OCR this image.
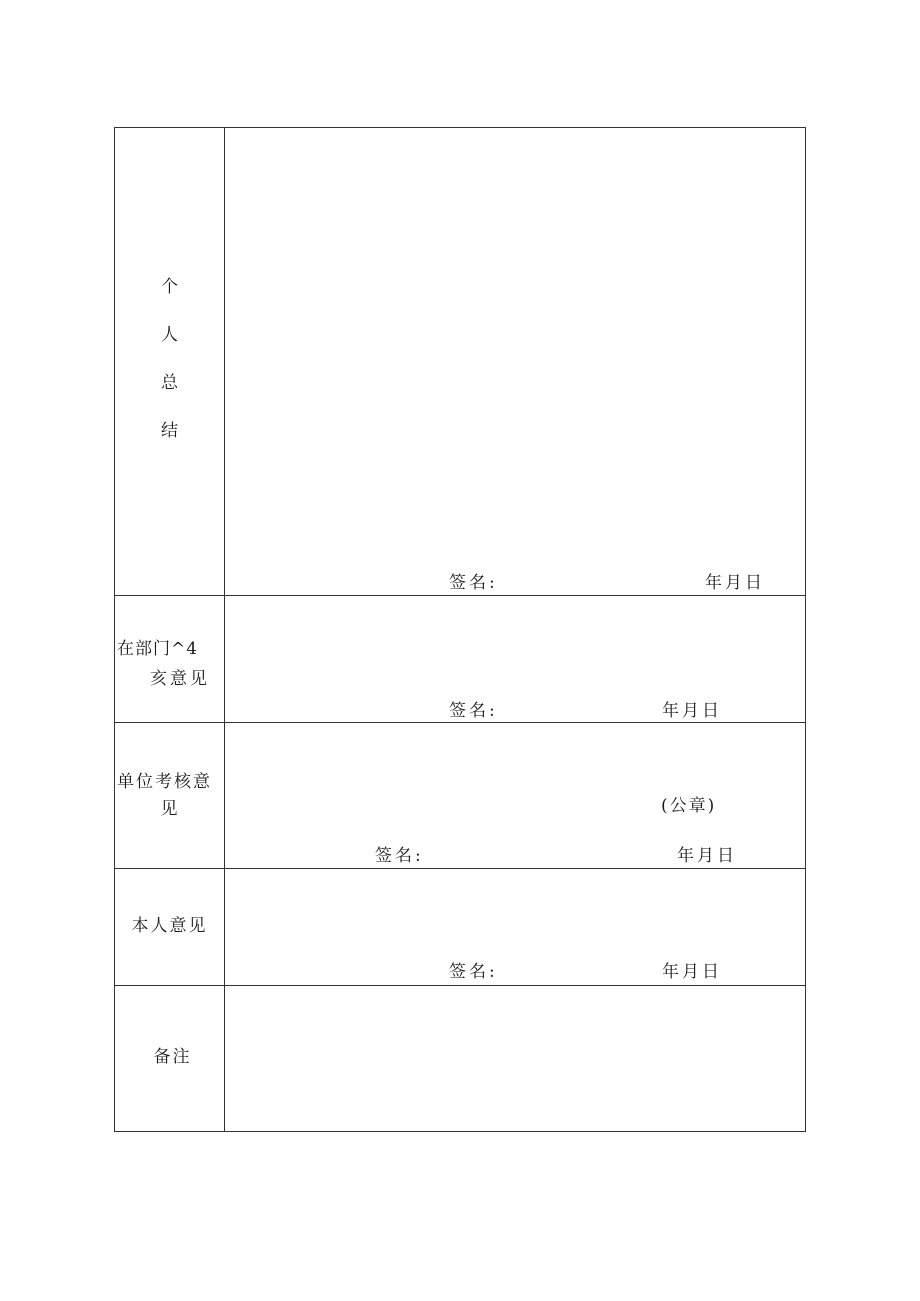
个
人
总
结	签名: 年月日

在部门^4
亥意见	签名: 年月日

单位考核意
见	(公章)
签名: 年月日

本人意见	签名: 年月日

备注	
